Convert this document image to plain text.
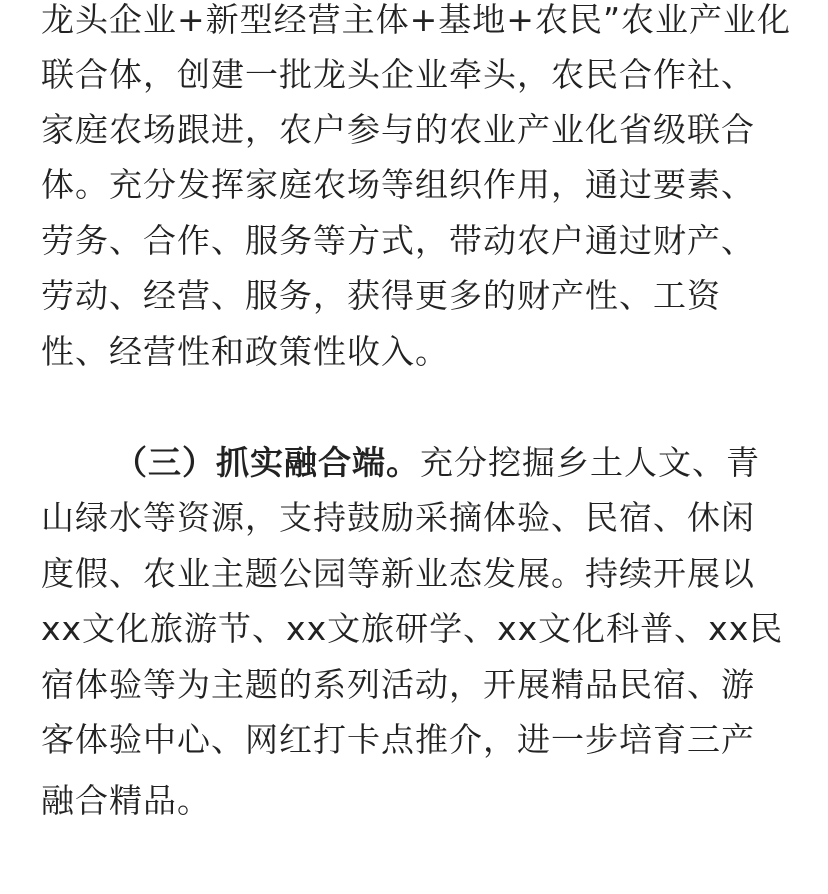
龙头企业+新型经营主体+基地+农民”农业产业化
联合体，创建一批龙头企业牵头，农民合作社、
家庭农场跟进，农户参与的农业产业化省级联合
体。充分发挥家庭农场等组织作用，通过要素、
劳务、合作、服务等方式，带动农户通过财产、
劳动、经营、服务，获得更多的财产性、工资
性、经营性和政策性收入。
（三）抓实融合端。充分挖掘乡土人文、青
山绿水等资源，支持鼓励采摘体验、民宿、休闲
度假、农业主题公园等新业态发展。持续开展以
xx文化旅游节、xx文旅研学、xx文化科普、xx民
宿体验等为主题的系列活动，开展精品民宿、游
客体验中心、网红打卡点推介，进一步培育三产
融合精品。
